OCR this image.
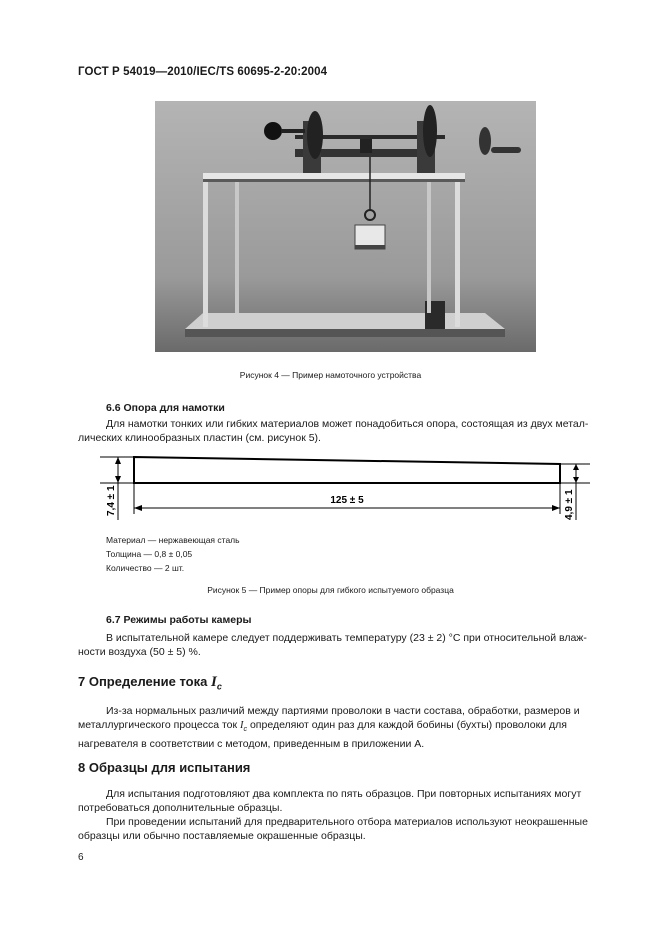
ГОСТ Р 54019—2010/IEC/TS 60695-2-20:2004
Рисунок 4 — Пример намоточного устройства
6.6 Опора для намотки
Для намотки тонких или гибких материалов может понадобиться опора, состоящая из двух метал-
лических клинообразных пластин (см. рисунок 5).
7,4 ± 1	125 ± 5	4,9 ± 1
Материал — нержавеющая сталь
Толщина — 0,8 ± 0,05
Количество — 2 шт.
Рисунок 5 — Пример опоры для гибкого испытуемого образца
6.7 Режимы работы камеры
В испытательной камере следует поддерживать температуру (23 ± 2) °С при относительной влаж-
ности воздуха (50 ± 5) %.
7 Определение тока $I_c$
Из-за нормальных различий между партиями проволоки в части состава, обработки, размеров и
металлургического процесса ток $I_c$ определяют один раз для каждой бобины (бухты) проволоки для
нагревателя в соответствии с методом, приведенным в приложении А.
8 Образцы для испытания
Для испытания подготовляют два комплекта по пять образцов. При повторных испытаниях могут
потребоваться дополнительные образцы.
При проведении испытаний для предварительного отбора материалов используют неокрашенные
образцы или обычно поставляемые окрашенные образцы.
6
